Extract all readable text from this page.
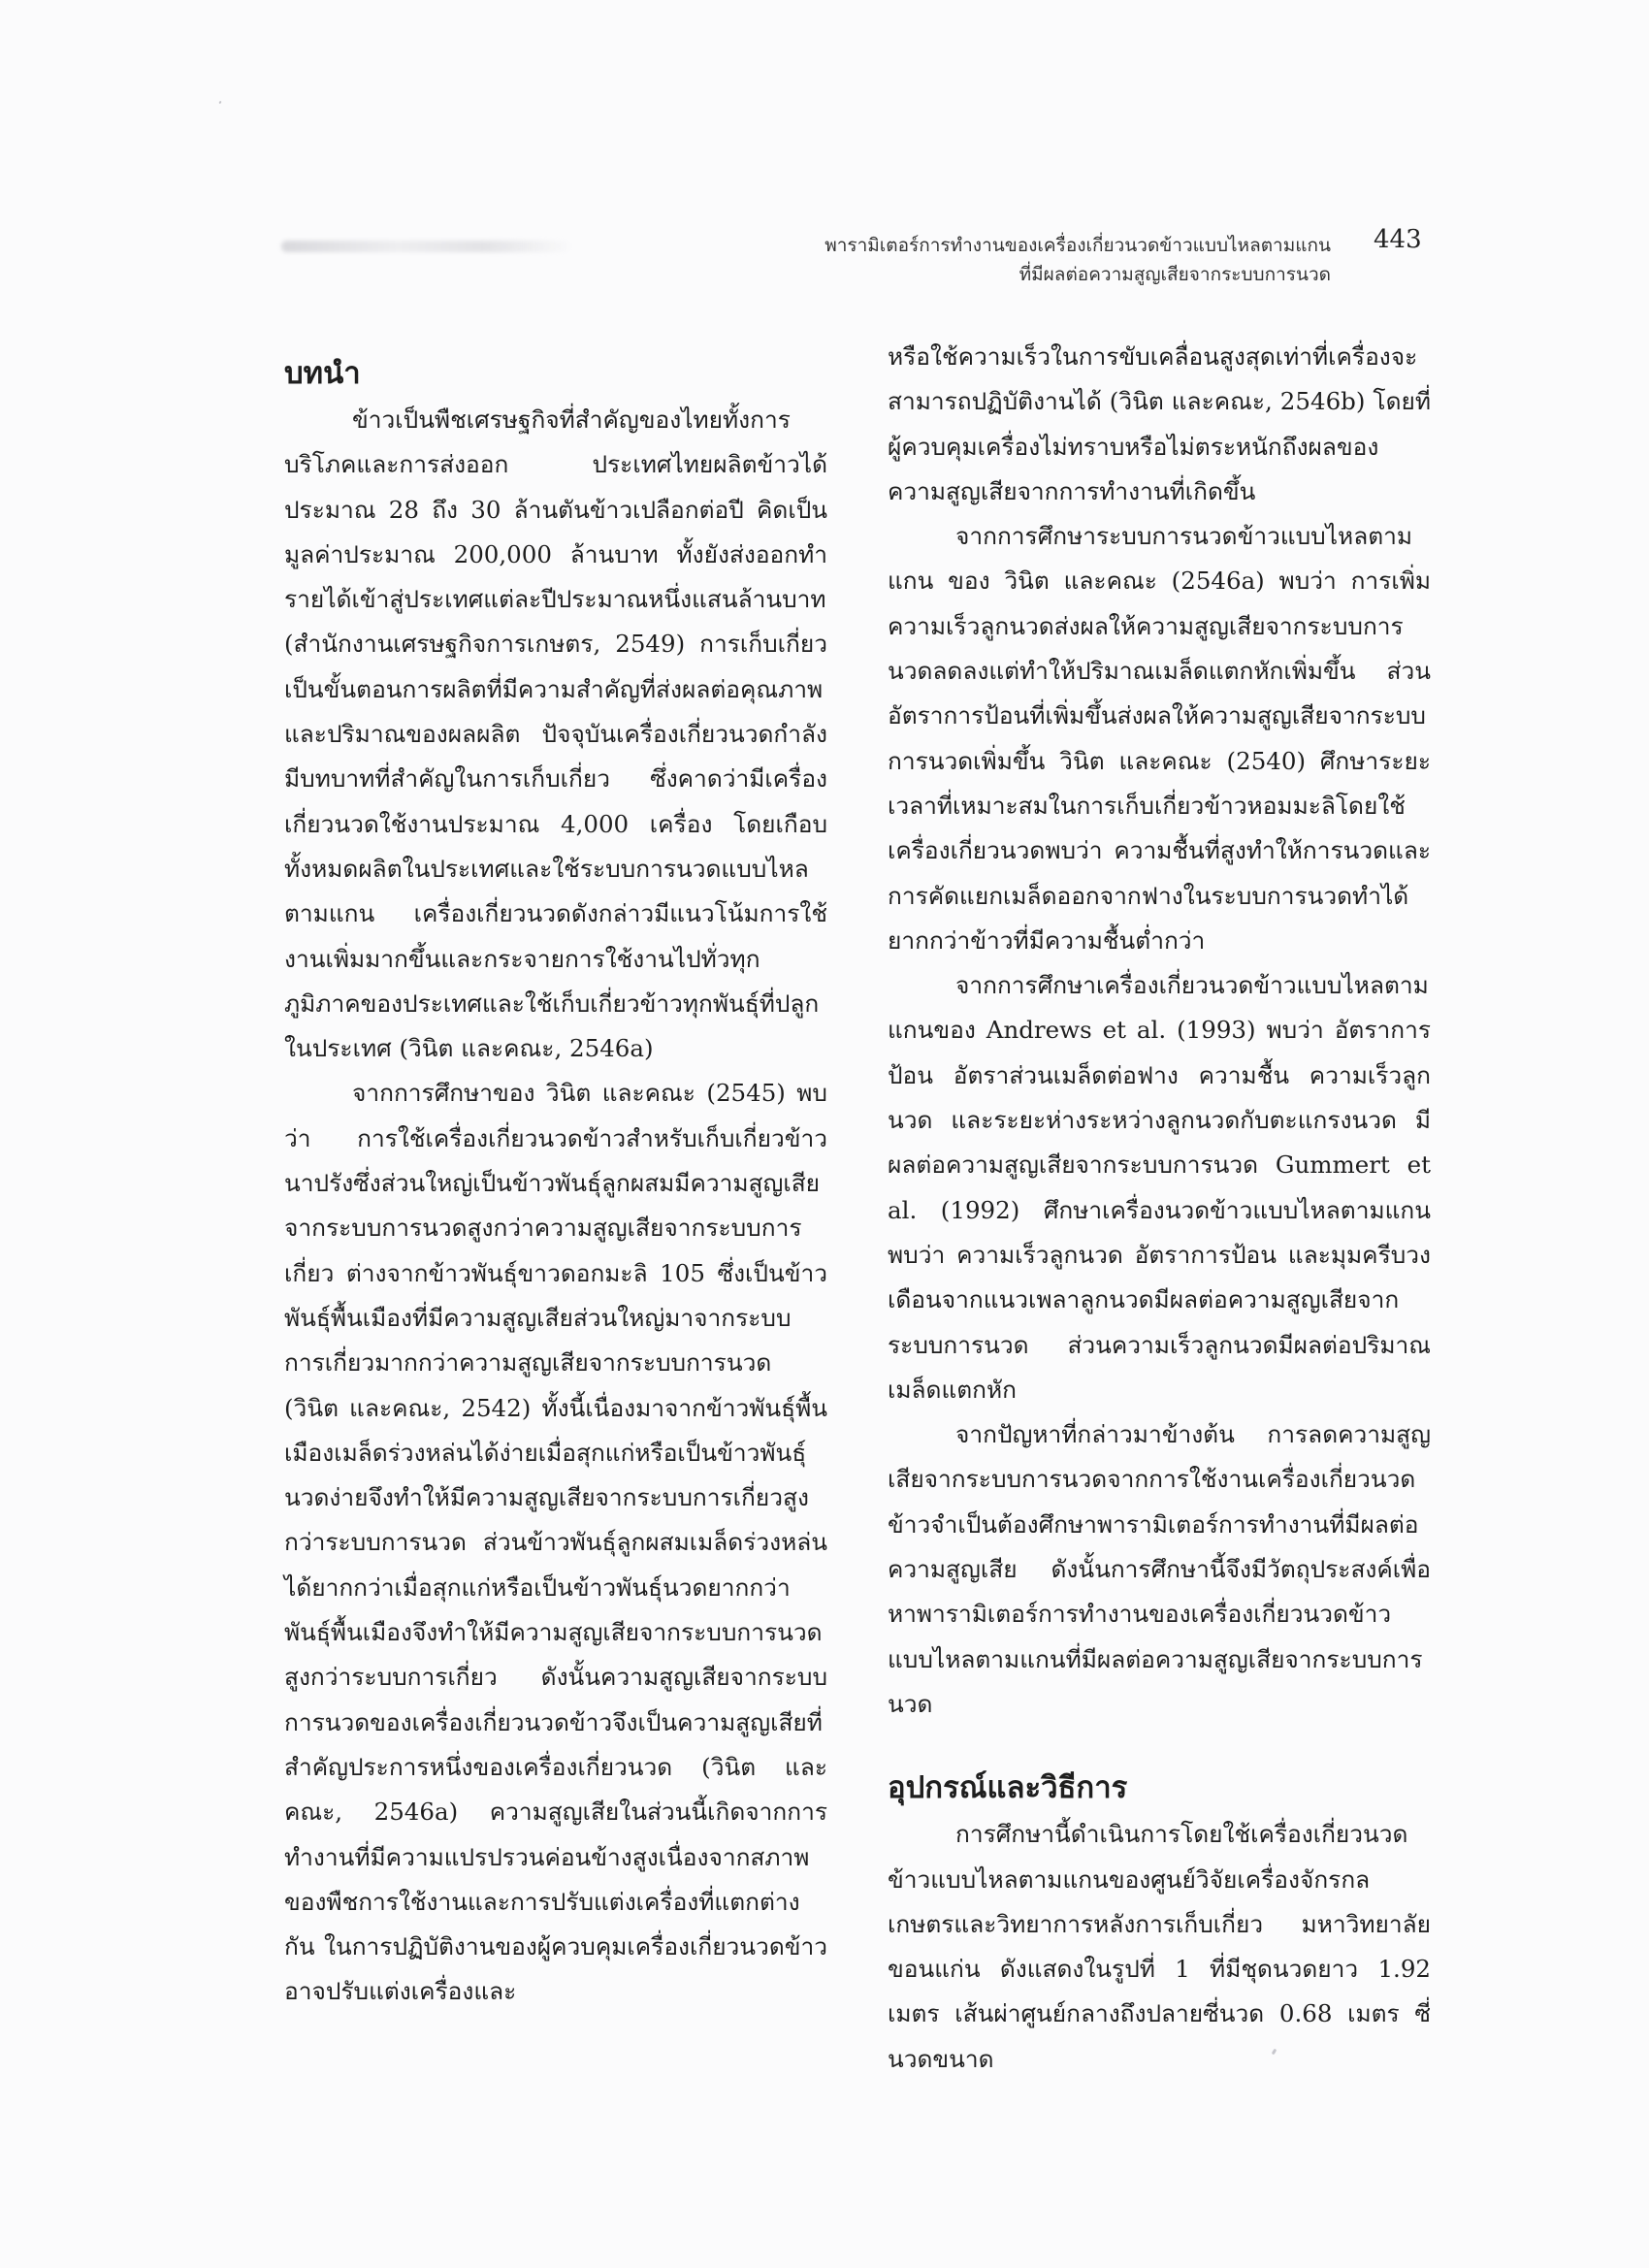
พารามิเตอร์การทำงานของเครื่องเกี่ยวนวดข้าวแบบไหลตามแกน
ที่มีผลต่อความสูญเสียจากระบบการนวด
443
บทนำ

ข้าวเป็นพืชเศรษฐกิจที่สำคัญของไทยทั้งการบริโภคและการส่งออก ประเทศไทยผลิตข้าวได้ประมาณ 28 ถึง 30 ล้านตันข้าวเปลือกต่อปี คิดเป็นมูลค่าประมาณ 200,000 ล้านบาท ทั้งยังส่งออกทำรายได้เข้าสู่ประเทศแต่ละปีประมาณหนึ่งแสนล้านบาท (สำนักงานเศรษฐกิจการเกษตร, 2549) การเก็บเกี่ยวเป็นขั้นตอนการผลิตที่มีความสำคัญที่ส่งผลต่อคุณภาพและปริมาณของผลผลิต ปัจจุบันเครื่องเกี่ยวนวดกำลังมีบทบาทที่สำคัญในการเก็บเกี่ยว ซึ่งคาดว่ามีเครื่องเกี่ยวนวดใช้งานประมาณ 4,000 เครื่อง โดยเกือบทั้งหมดผลิตในประเทศและใช้ระบบการนวดแบบไหลตามแกน เครื่องเกี่ยวนวดดังกล่าวมีแนวโน้มการใช้งานเพิ่มมากขึ้นและกระจายการใช้งานไปทั่วทุกภูมิภาคของประเทศและใช้เก็บเกี่ยวข้าวทุกพันธุ์ที่ปลูกในประเทศ (วินิต และคณะ, 2546a)

จากการศึกษาของ วินิต และคณะ (2545) พบว่า การใช้เครื่องเกี่ยวนวดข้าวสำหรับเก็บเกี่ยวข้าวนาปรังซึ่งส่วนใหญ่เป็นข้าวพันธุ์ลูกผสมมีความสูญเสียจากระบบการนวดสูงกว่าความสูญเสียจากระบบการเกี่ยว ต่างจากข้าวพันธุ์ขาวดอกมะลิ 105 ซึ่งเป็นข้าว พันธุ์พื้นเมืองที่มีความสูญเสียส่วนใหญ่มาจากระบบการเกี่ยวมากกว่าความสูญเสียจากระบบการนวด (วินิต และคณะ, 2542) ทั้งนี้เนื่องมาจากข้าวพันธุ์พื้นเมืองเมล็ดร่วงหล่นได้ง่ายเมื่อสุกแก่หรือเป็นข้าวพันธุ์นวดง่ายจึงทำให้มีความสูญเสียจากระบบการเกี่ยวสูงกว่าระบบการนวด ส่วนข้าวพันธุ์ลูกผสมเมล็ดร่วงหล่นได้ยากกว่าเมื่อสุกแก่หรือเป็นข้าวพันธุ์นวดยากกว่าพันธุ์พื้นเมืองจึงทำให้มีความสูญเสียจากระบบการนวดสูงกว่าระบบการเกี่ยว ดังนั้นความสูญเสียจากระบบการนวดของเครื่องเกี่ยวนวดข้าวจึงเป็นความสูญเสียที่สำคัญประการหนึ่งของเครื่องเกี่ยวนวด (วินิต และคณะ, 2546a) ความสูญเสียในส่วนนี้เกิดจากการทำงานที่มีความแปรปรวนค่อนข้างสูงเนื่องจากสภาพของพืชการใช้งานและการปรับแต่งเครื่องที่แตกต่างกัน ในการปฏิบัติงานของผู้ควบคุมเครื่องเกี่ยวนวดข้าวอาจปรับแต่งเครื่องและ

หรือใช้ความเร็วในการขับเคลื่อนสูงสุดเท่าที่เครื่องจะสามารถปฏิบัติงานได้ (วินิต และคณะ, 2546b) โดยที่ผู้ควบคุมเครื่องไม่ทราบหรือไม่ตระหนักถึงผลของความสูญเสียจากการทำงานที่เกิดขึ้น

จากการศึกษาระบบการนวดข้าวแบบไหลตามแกน ของ วินิต และคณะ (2546a) พบว่า การเพิ่มความเร็วลูกนวดส่งผลให้ความสูญเสียจากระบบการนวดลดลงแต่ทำให้ปริมาณเมล็ดแตกหักเพิ่มขึ้น ส่วนอัตราการป้อนที่เพิ่มขึ้นส่งผลให้ความสูญเสียจากระบบการนวดเพิ่มขึ้น วินิต และคณะ (2540) ศึกษาระยะเวลาที่เหมาะสมในการเก็บเกี่ยวข้าวหอมมะลิโดยใช้เครื่องเกี่ยวนวดพบว่า ความชื้นที่สูงทำให้การนวดและการคัดแยกเมล็ดออกจากฟางในระบบการนวดทำได้ยากกว่าข้าวที่มีความชื้นต่ำกว่า

จากการศึกษาเครื่องเกี่ยวนวดข้าวแบบไหลตามแกนของ Andrews et al. (1993) พบว่า อัตราการป้อน อัตราส่วนเมล็ดต่อฟาง ความชื้น ความเร็วลูกนวด และระยะห่างระหว่างลูกนวดกับตะแกรงนวด มีผลต่อความสูญเสียจากระบบการนวด Gummert et al. (1992) ศึกษาเครื่องนวดข้าวแบบไหลตามแกน พบว่า ความเร็วลูกนวด อัตราการป้อน และมุมครีบวงเดือนจากแนวเพลาลูกนวดมีผลต่อความสูญเสียจากระบบการนวด ส่วนความเร็วลูกนวดมีผลต่อปริมาณเมล็ดแตกหัก

จากปัญหาที่กล่าวมาข้างต้น การลดความสูญเสียจากระบบการนวดจากการใช้งานเครื่องเกี่ยวนวดข้าวจำเป็นต้องศึกษาพารามิเตอร์การทำงานที่มีผลต่อความสูญเสีย ดังนั้นการศึกษานี้จึงมีวัตถุประสงค์เพื่อหาพารามิเตอร์การทำงานของเครื่องเกี่ยวนวดข้าวแบบไหลตามแกนที่มีผลต่อความสูญเสียจากระบบการนวด

อุปกรณ์และวิธีการ

การศึกษานี้ดำเนินการโดยใช้เครื่องเกี่ยวนวดข้าวแบบไหลตามแกนของศูนย์วิจัยเครื่องจักรกลเกษตรและวิทยาการหลังการเก็บเกี่ยว มหาวิทยาลัยขอนแก่น ดังแสดงในรูปที่ 1 ที่มีชุดนวดยาว 1.92 เมตร เส้นผ่าศูนย์กลางถึงปลายซี่นวด 0.68 เมตร ซี่นวดขนาด
